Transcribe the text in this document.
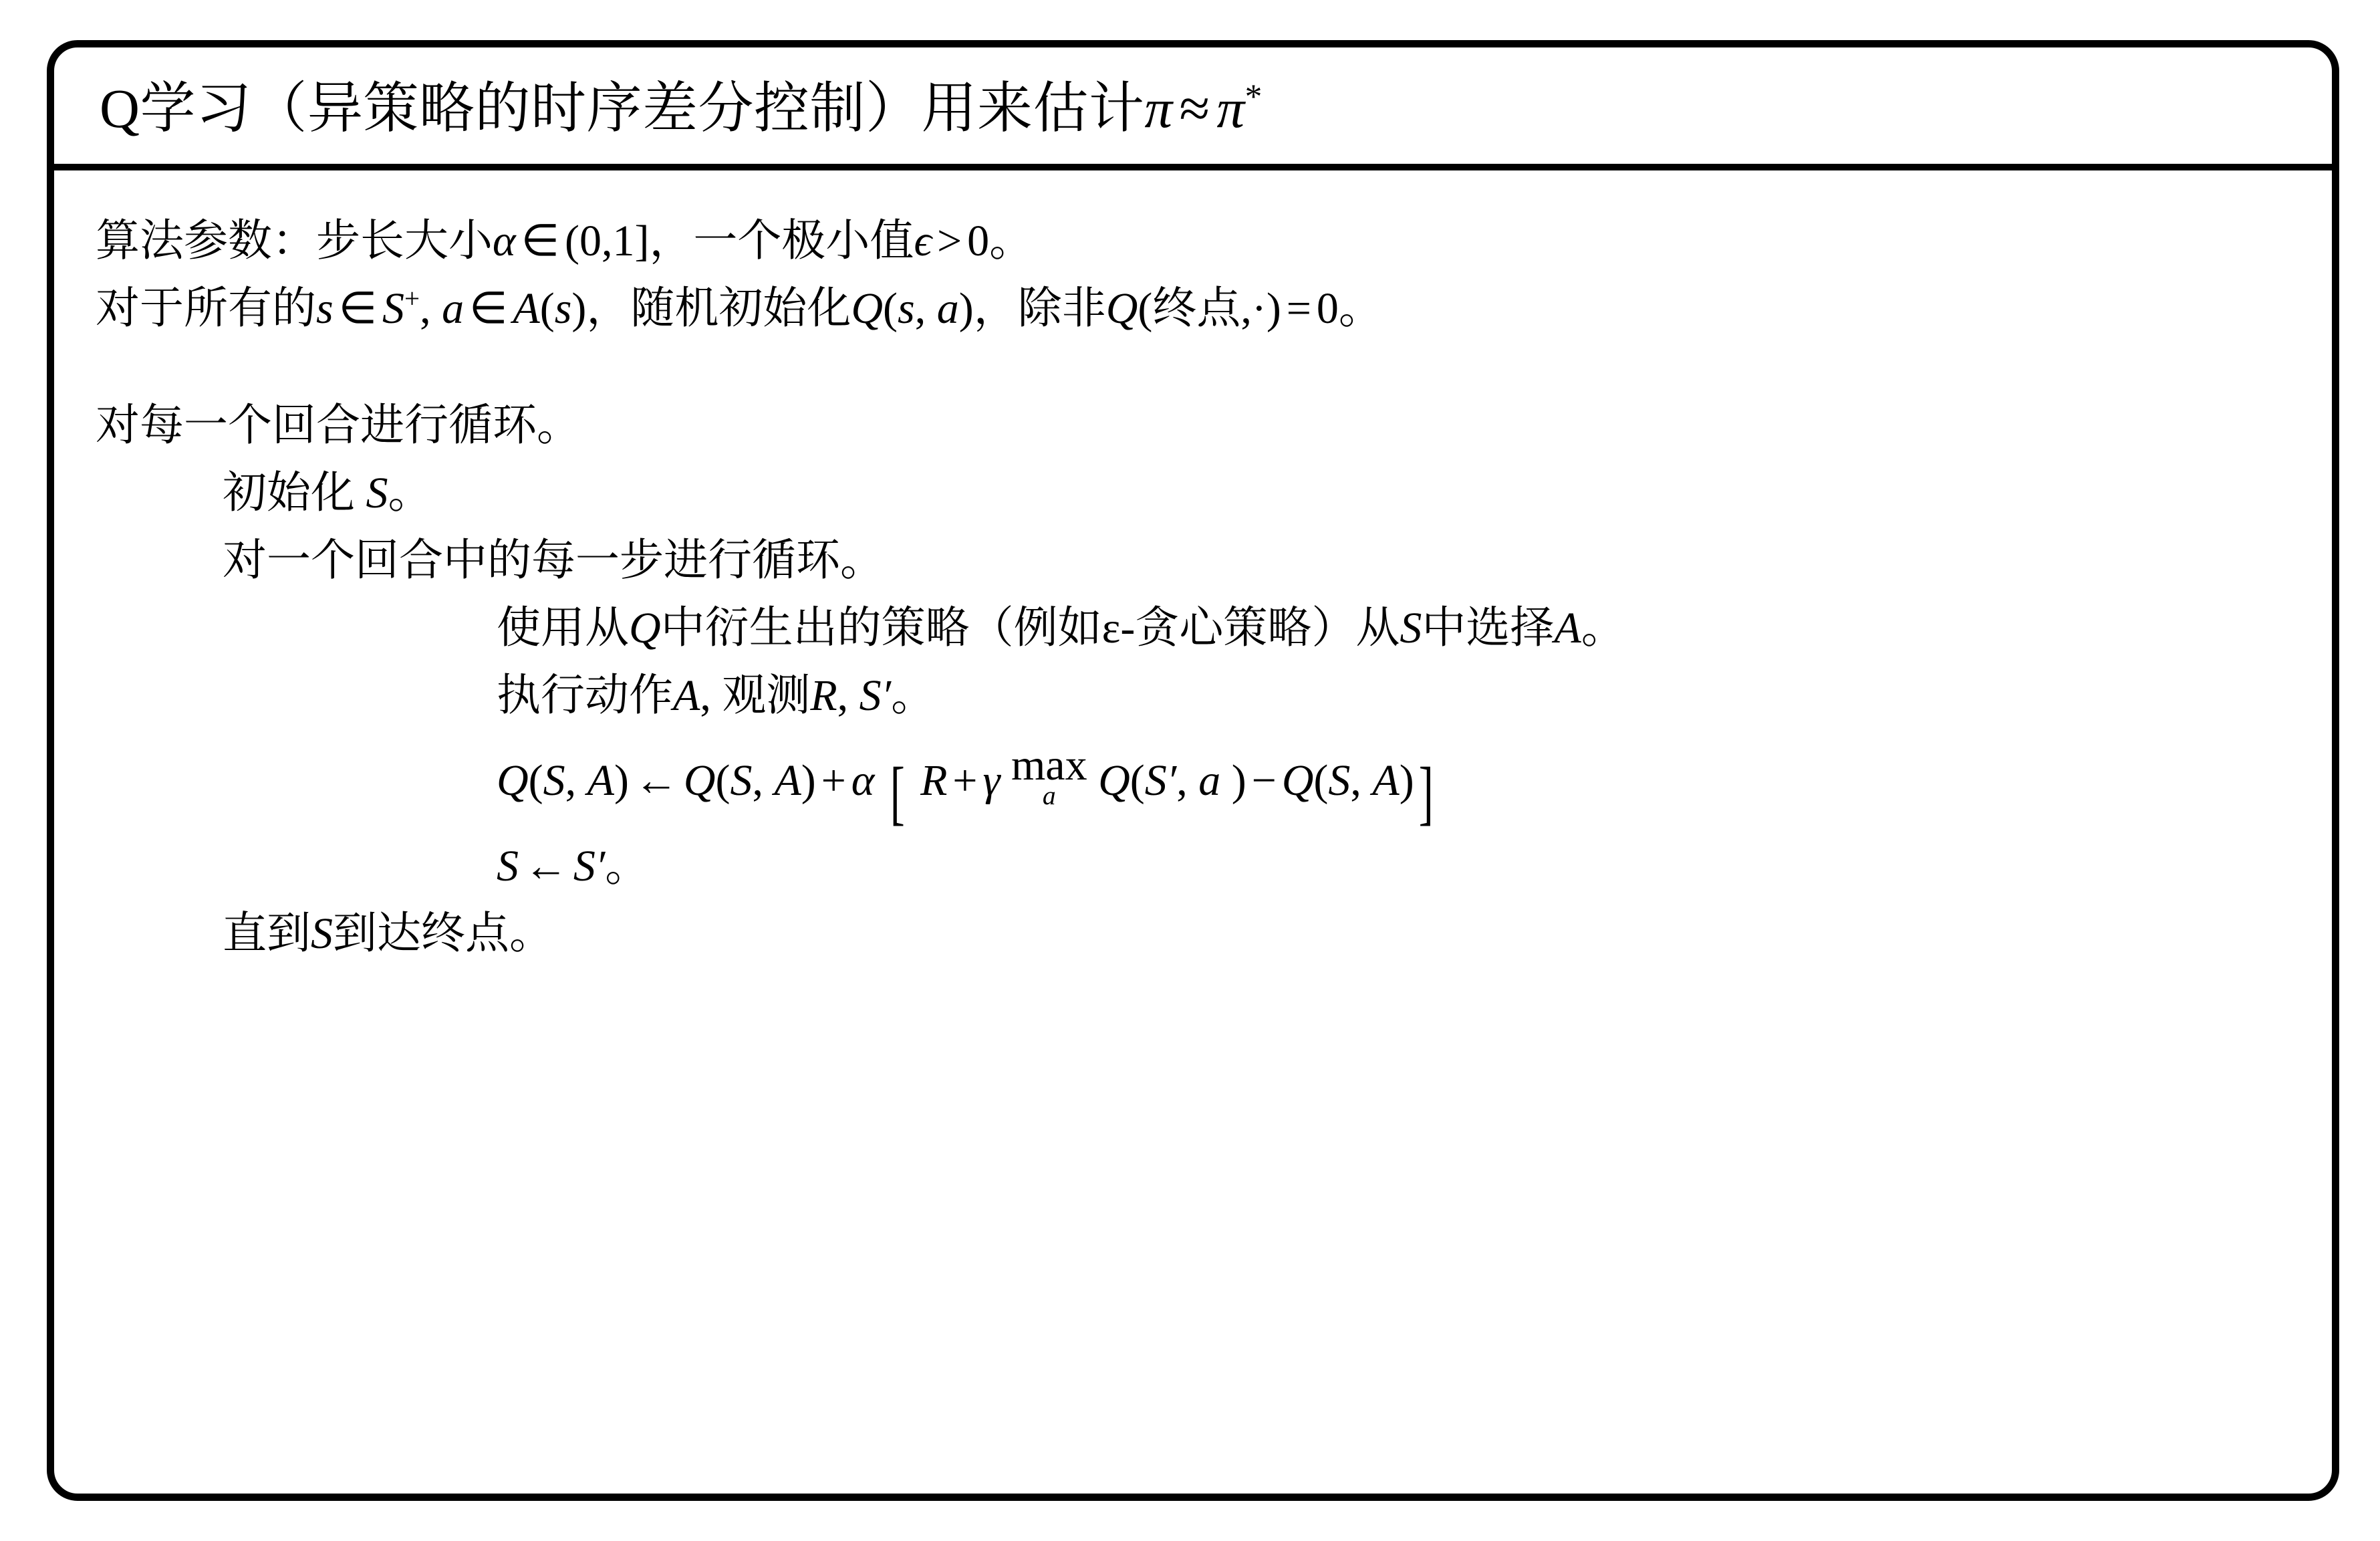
Q学习（异策略的时序差分控制）用来估计π ≈ π*
算法参数：步长大小α ∈ (0,1]，一个极小值ϵ > 0。
对于所有的s ∈ S+, a ∈ A(s)，随机初始化Q(s, a)，除非Q(终点,·) = 0。
对每一个回合进行循环。
初始化 S。
对一个回合中的每一步进行循环。
使用从Q中衍生出的策略（例如ε-贪心策略）从S中选择A。
执行动作A, 观测R, S′。
Q(S, A) ← Q(S, A) + α [ R + γ max
a Q(S′, a ) − Q(S, A)]
S ← S′。
直到S到达终点。
